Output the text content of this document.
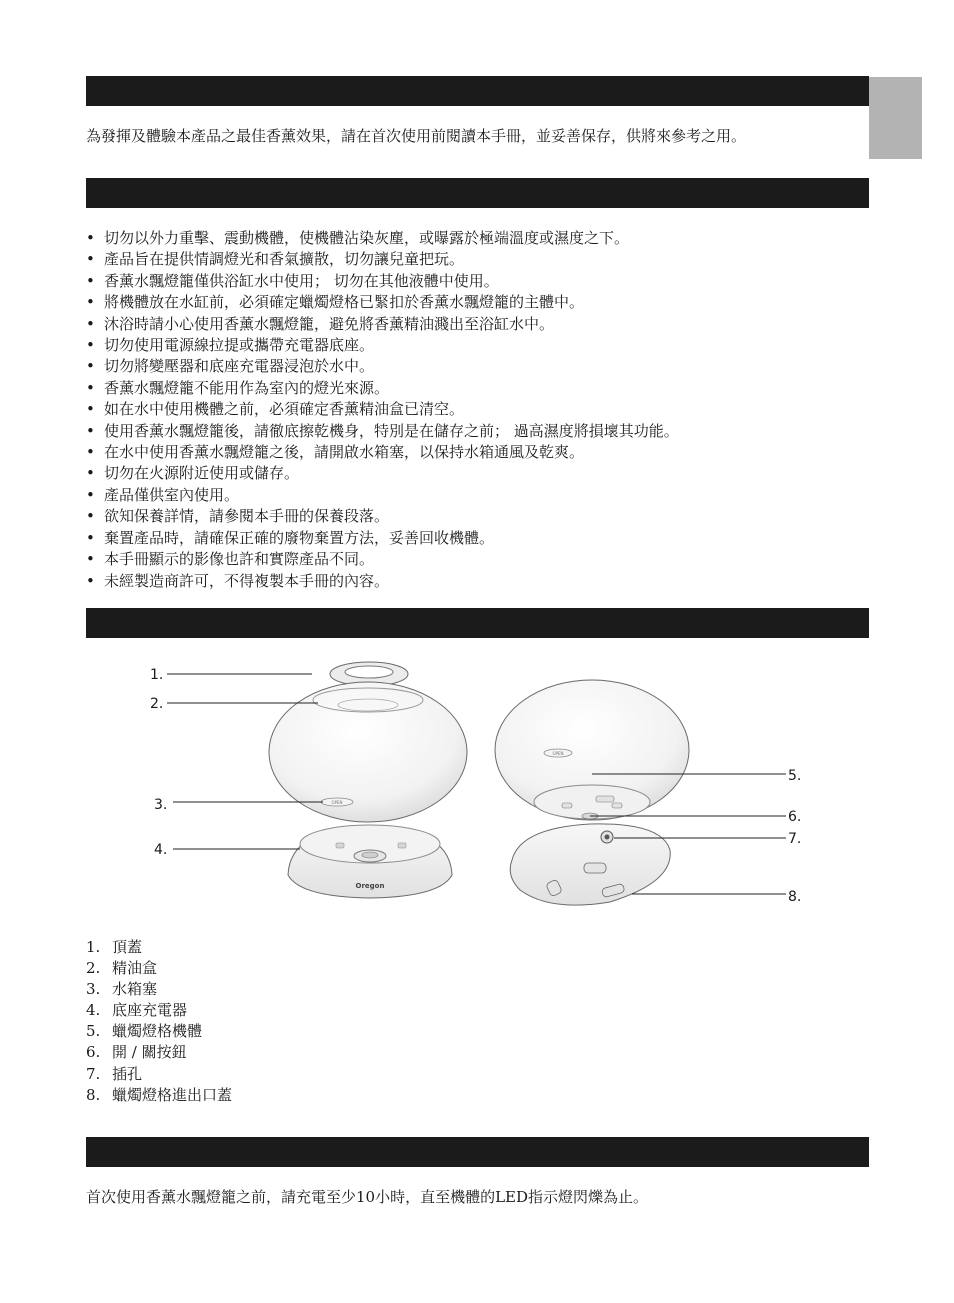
為發揮及體驗本產品之最佳香薰效果，請在首次使用前閱讀本手冊，並妥善保存，供將來參考之用。
• 切勿以外力重擊、震動機體，使機體沾染灰塵，或曝露於極端溫度或濕度之下。
• 產品旨在提供情調燈光和香氣擴散，切勿讓兒童把玩。
• 香薰水飄燈籠僅供浴缸水中使用； 切勿在其他液體中使用。
• 將機體放在水缸前，必須確定蠟燭燈格已緊扣於香薰水飄燈籠的主體中。
• 沐浴時請小心使用香薰水飄燈籠，避免將香薰精油濺出至浴缸水中。
• 切勿使用電源線拉提或攜帶充電器底座。
• 切勿將變壓器和底座充電器浸泡於水中。
• 香薰水飄燈籠不能用作為室內的燈光來源。
• 如在水中使用機體之前，必須確定香薰精油盒已清空。
• 使用香薰水飄燈籠後，請徹底擦乾機身，特別是在儲存之前； 過高濕度將損壞其功能。
• 在水中使用香薰水飄燈籠之後，請開啟水箱塞，以保持水箱通風及乾爽。
• 切勿在火源附近使用或儲存。
• 產品僅供室內使用。
• 欲知保養詳情，請參閱本手冊的保養段落。
• 棄置產品時，請確保正確的廢物棄置方法，妥善回收機體。
• 本手冊顯示的影像也許和實際產品不同。
• 未經製造商許可，不得複製本手冊的內容。
OPEN
Oregon
OPEN
1.
2.
3.
4.
5.
6.
7.
8.
1. 頂蓋
2. 精油盒
3. 水箱塞
4. 底座充電器
5. 蠟燭燈格機體
6. 開 / 關按鈕
7. 插孔
8. 蠟燭燈格進出口蓋
首次使用香薰水飄燈籠之前，請充電至少10小時，直至機體的LED指示燈閃爍為止。
